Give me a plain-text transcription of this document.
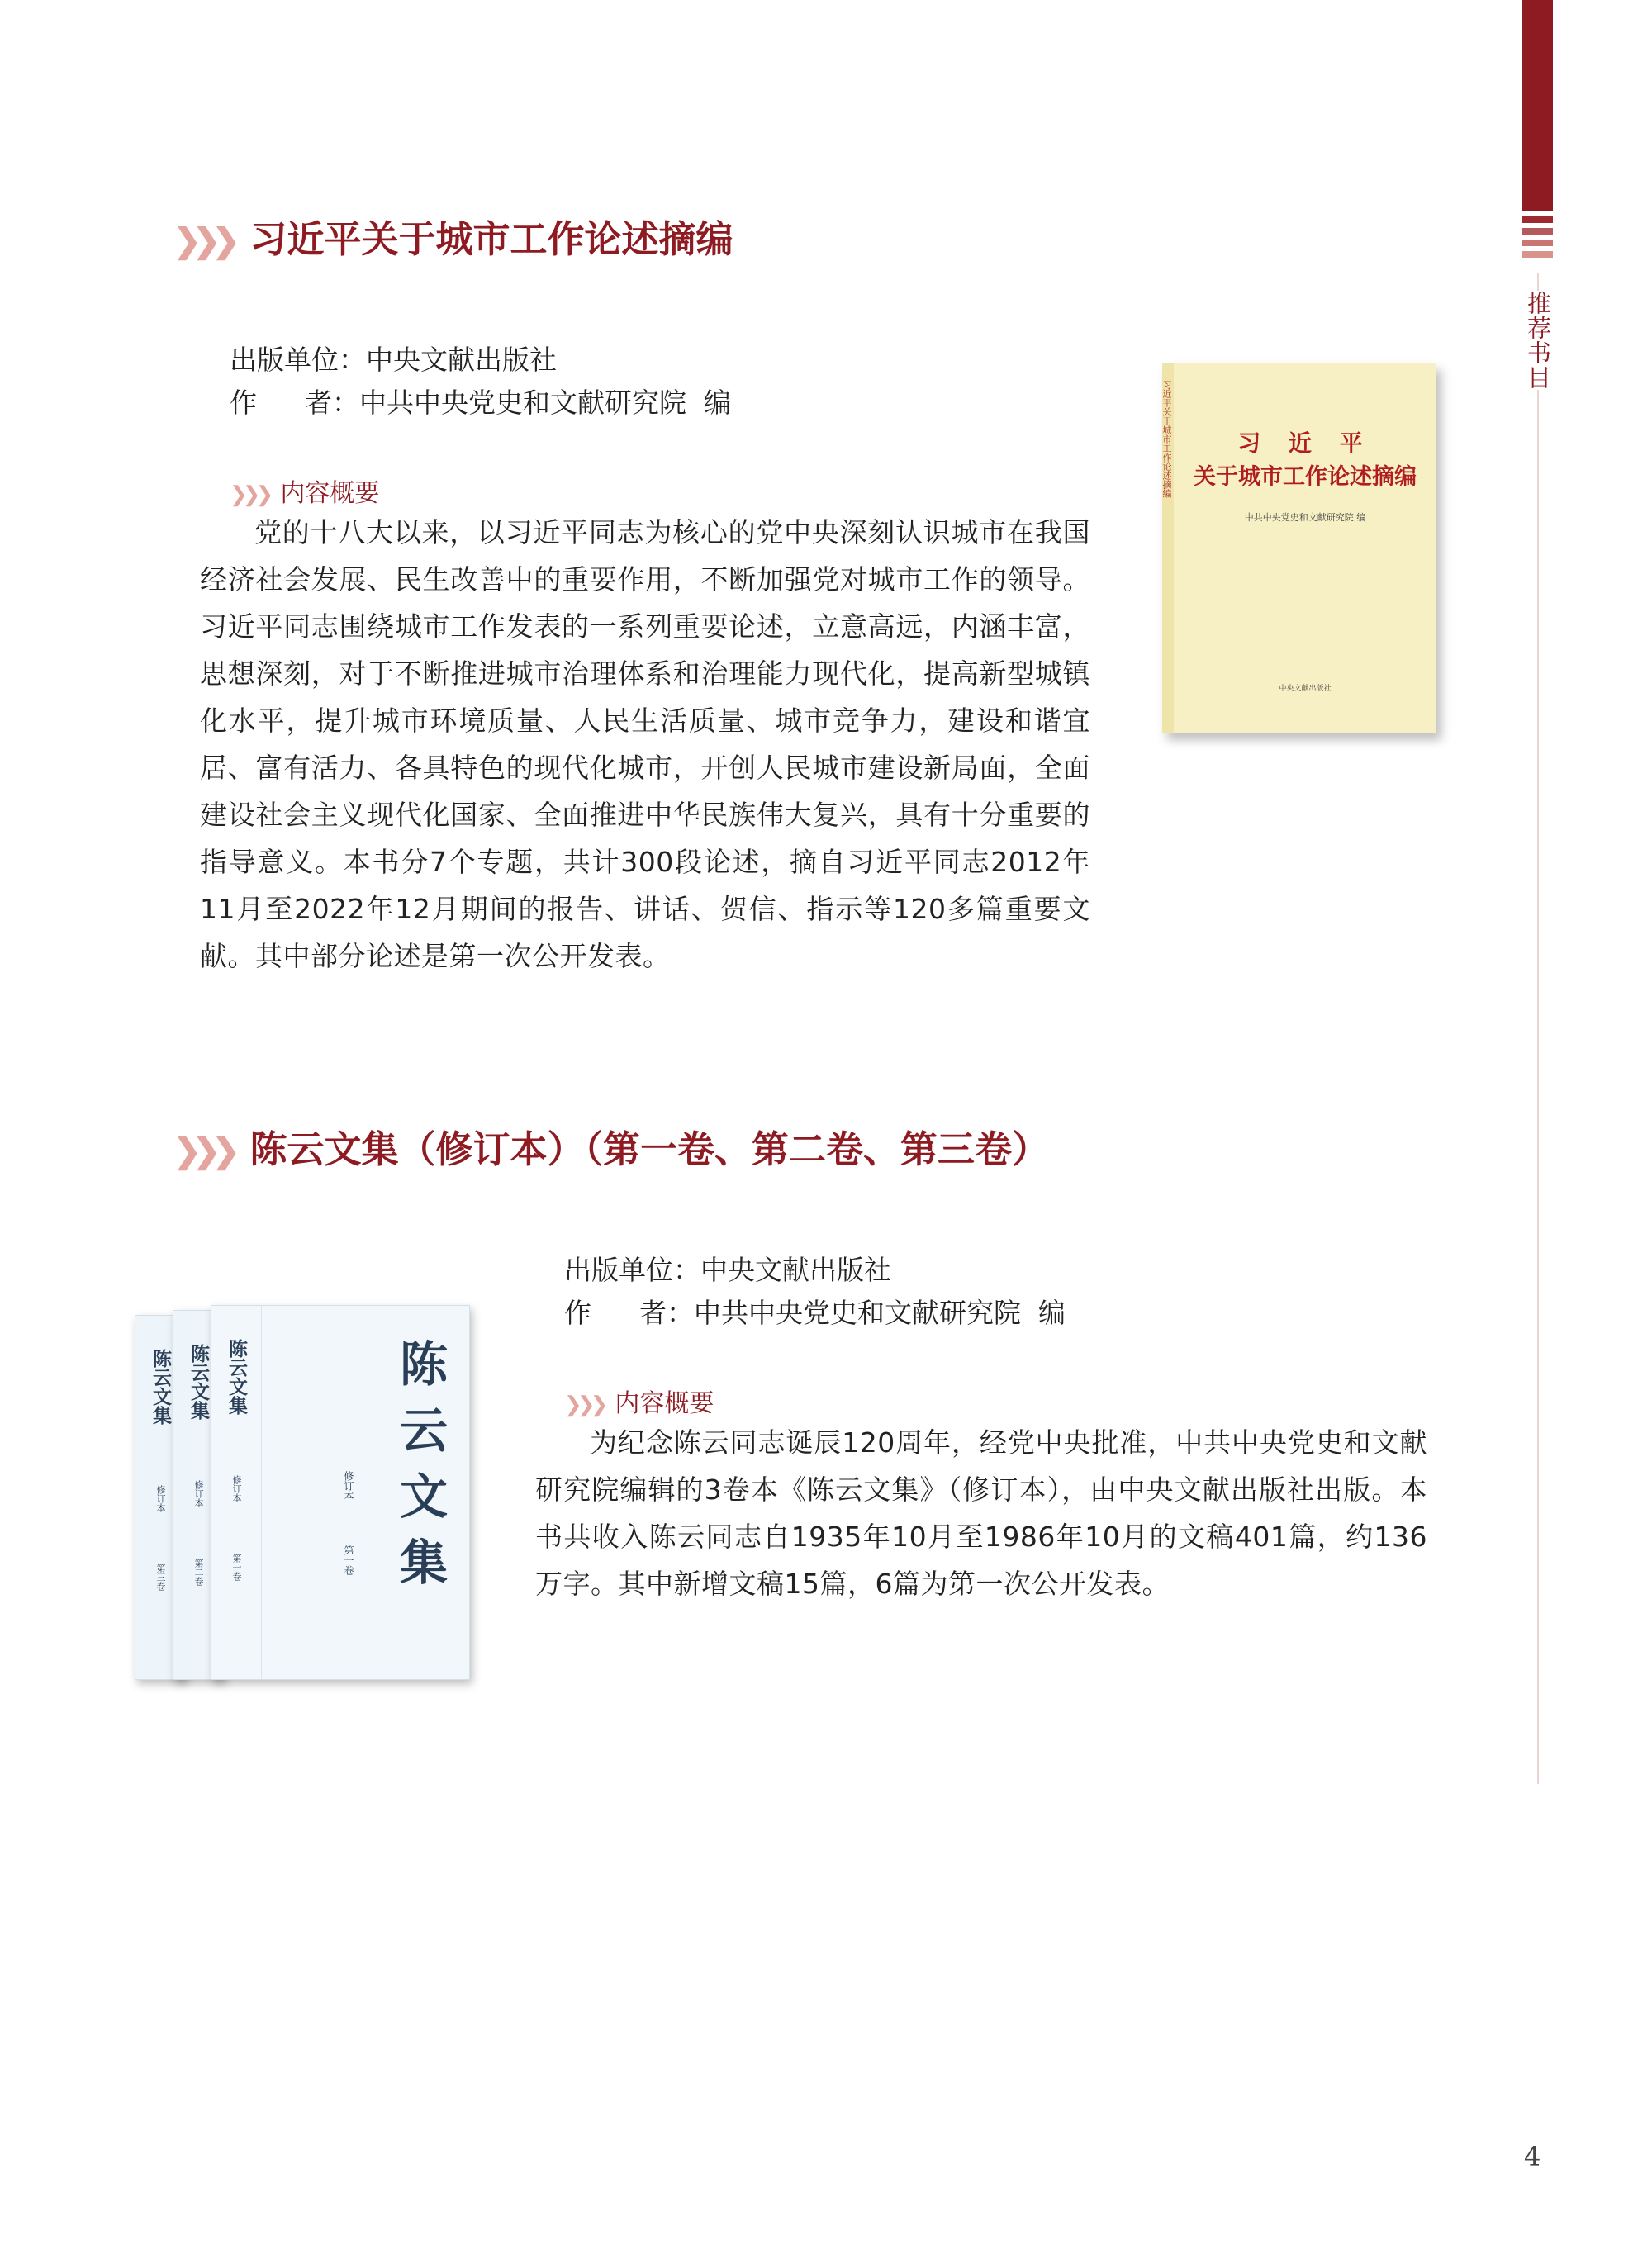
推荐书目
❯❯❯ 习近平关于城市工作论述摘编
出版单位：中央文献出版社
作 者：中共中央党史和文献研究院 编
❯❯❯ 内容概要
党的十八大以来，以习近平同志为核心的党中央深刻认识城市在我国经济社会发展、民生改善中的重要作用，不断加强党对城市工作的领导。习近平同志围绕城市工作发表的一系列重要论述，立意高远，内涵丰富，思想深刻，对于不断推进城市治理体系和治理能力现代化，提高新型城镇化水平，提升城市环境质量、人民生活质量、城市竞争力，建设和谐宜居、富有活力、各具特色的现代化城市，开创人民城市建设新局面，全面建设社会主义现代化国家、全面推进中华民族伟大复兴，具有十分重要的指导意义。本书分7个专题，共计300段论述，摘自习近平同志2012年11月至2022年12月期间的报告、讲话、贺信、指示等120多篇重要文献。其中部分论述是第一次公开发表。
习近平关于城市工作论述摘编	习 近 平
关于城市工作论述摘编
中共中央党史和文献研究院 编
中央文献出版社
❯❯❯ 陈云文集（修订本）（第一卷、第二卷、第三卷）
出版单位：中央文献出版社
作 者：中共中央党史和文献研究院 编
❯❯❯ 内容概要
为纪念陈云同志诞辰120周年，经党中央批准，中共中央党史和文献研究院编辑的3卷本《陈云文集》（修订本），由中央文献出版社出版。本书共收入陈云同志自1935年10月至1986年10月的文稿401篇，约136万字。其中新增文稿15篇，6篇为第一次公开发表。
陈云文集
修订本
第三卷
陈云文集
修订本
第二卷
陈云文集
修订本
第一卷	陈云文集
修订本
第一卷
4
